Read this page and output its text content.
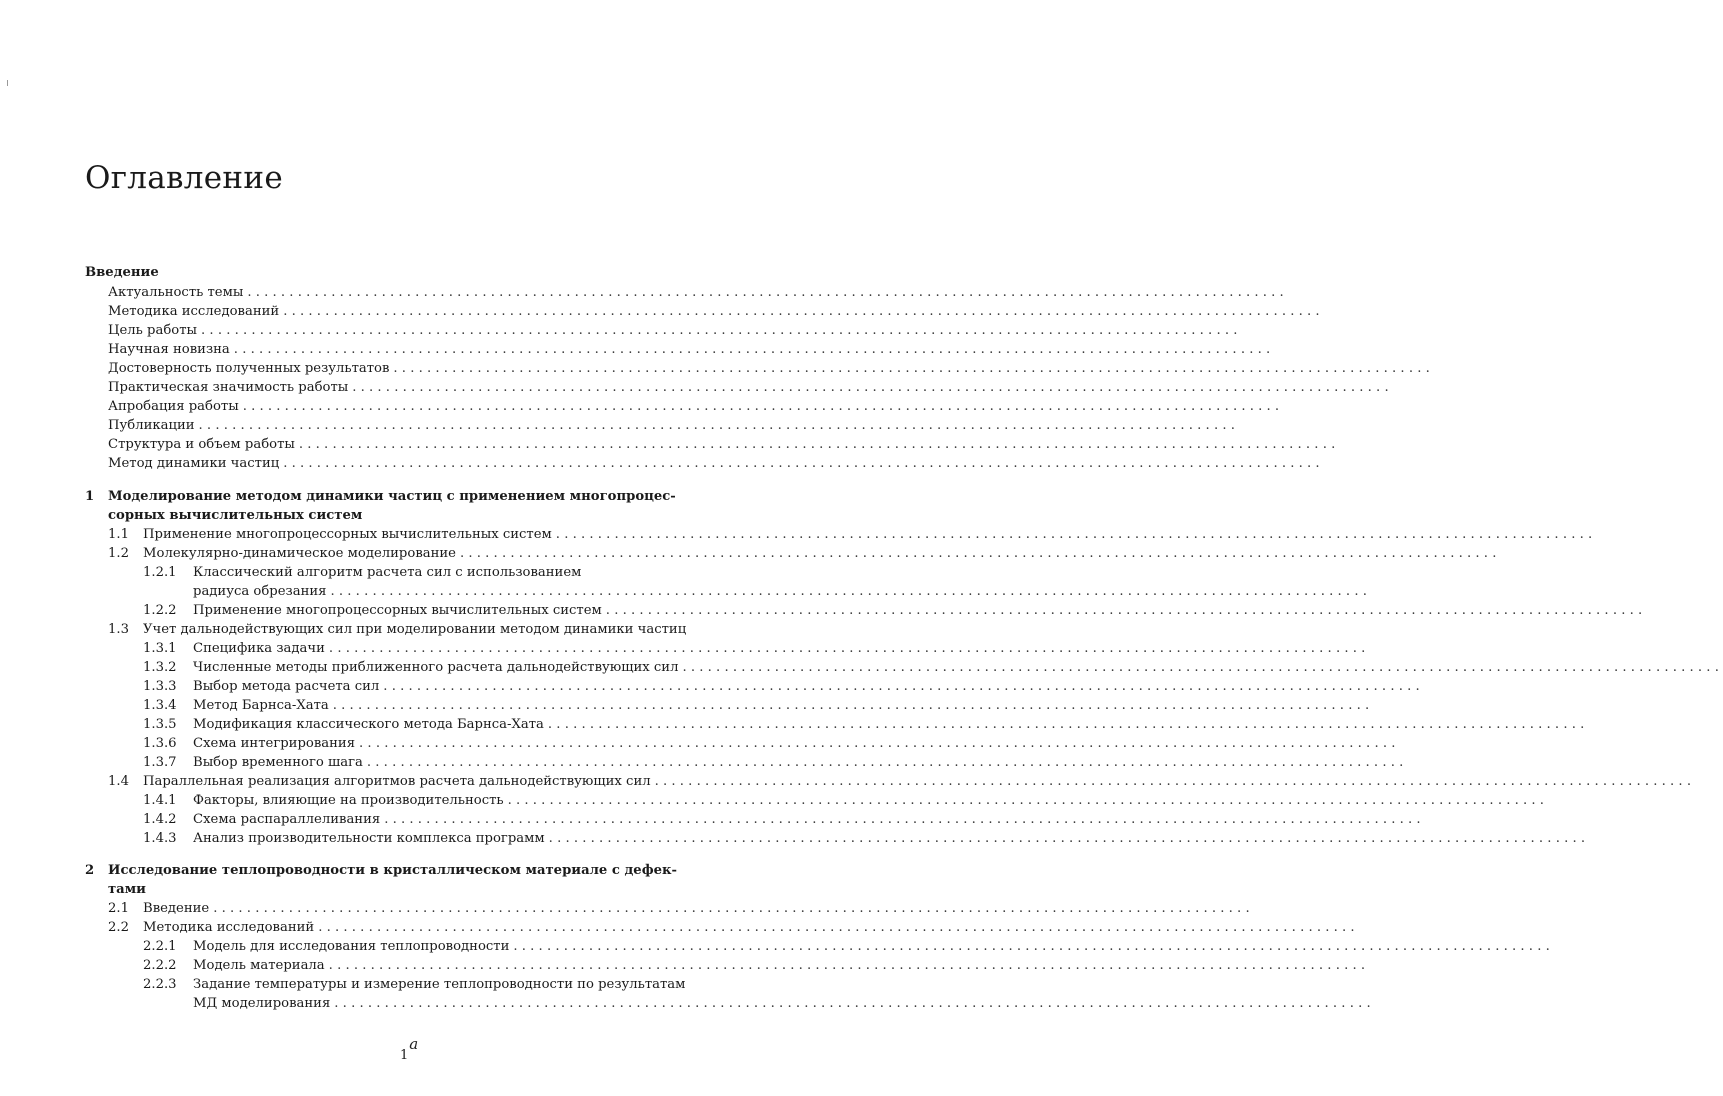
Оглавление
Введение
Актуальность темы ............................................................................................................................
Методика исследований ............................................................................................................................
Цель работы ............................................................................................................................
Научная новизна ............................................................................................................................
Достоверность полученных результатов ............................................................................................................................
Практическая значимость работы ............................................................................................................................
Апробация работы ............................................................................................................................
Публикации ............................................................................................................................
Структура и объем работы ............................................................................................................................
Метод динамики частиц ............................................................................................................................
1 Моделирование методом динамики частиц с применением многопроцес-
сорных вычислительных систем
1.1 Применение многопроцессорных вычислительных систем ............................................................................................................................
1.2 Молекулярно-динамическое моделирование ............................................................................................................................
1.2.1 Классический алгоритм расчета сил с использованием
радиуса обрезания ............................................................................................................................
1.2.2 Применение многопроцессорных вычислительных систем ............................................................................................................................
1.3 Учет дальнодействующих сил при моделировании методом динамики частиц
1.3.1 Специфика задачи ............................................................................................................................
1.3.2 Численные методы приближенного расчета дальнодействующих сил ............................................................................................................................
1.3.3 Выбор метода расчета сил ............................................................................................................................
1.3.4 Метод Барнса-Хата ............................................................................................................................
1.3.5 Модификация классического метода Барнса-Хата ............................................................................................................................
1.3.6 Схема интегрирования ............................................................................................................................
1.3.7 Выбор временного шага ............................................................................................................................
1.4 Параллельная реализация алгоритмов расчета дальнодействующих сил ............................................................................................................................
1.4.1 Факторы, влияющие на производительность ............................................................................................................................
1.4.2 Схема распараллеливания ............................................................................................................................
1.4.3 Анализ производительности комплекса программ ............................................................................................................................
2 Исследование теплопроводности в кристаллическом материале с дефек-
тами
2.1 Введение ............................................................................................................................
2.2 Методика исследований ............................................................................................................................
2.2.1 Модель для исследования теплопроводности ............................................................................................................................
2.2.2 Модель материала ............................................................................................................................
2.2.3 Задание температуры и измерение теплопроводности по результатам
МД моделирования ............................................................................................................................
1a
